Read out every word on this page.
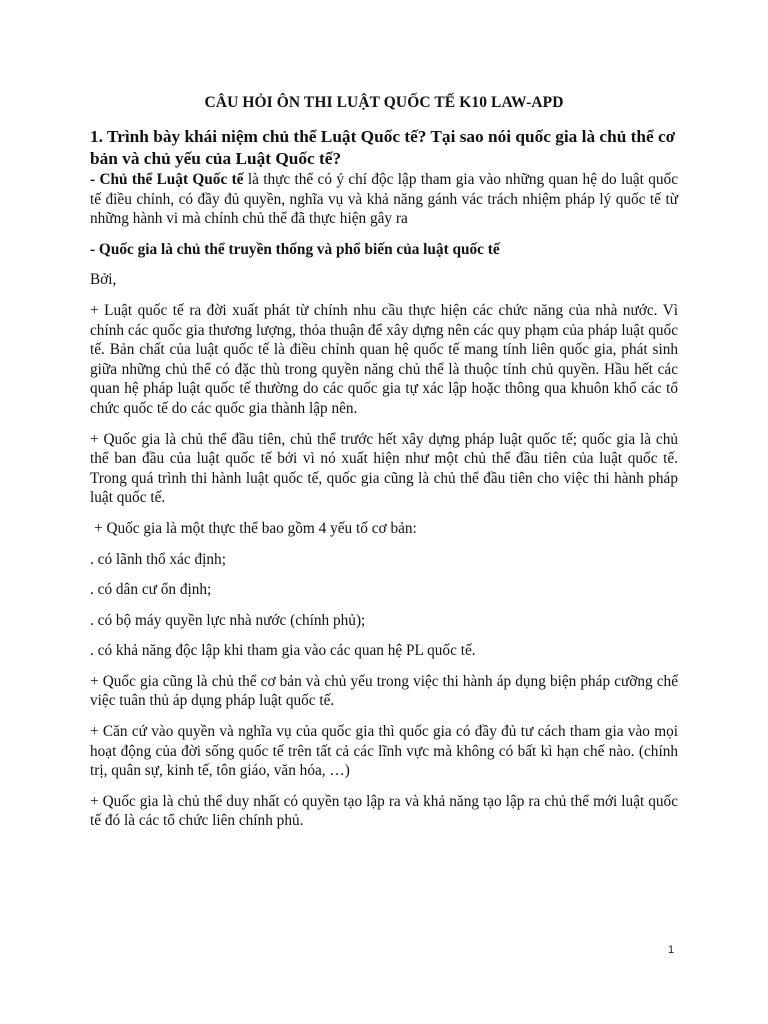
CÂU HỎI ÔN THI LUẬT QUỐC TẾ K10 LAW-APD
1. Trình bày khái niệm chủ thể Luật Quốc tế? Tại sao nói quốc gia là chủ thể cơ bản và chủ yếu của Luật Quốc tế?

- Chủ thể Luật Quốc tế là thực thể có ý chí độc lập tham gia vào những quan hệ do luật quốc tế điều chỉnh, có đầy đủ quyền, nghĩa vụ và khả năng gánh vác trách nhiệm pháp lý quốc tế từ những hành vi mà chính chủ thể đã thực hiện gây ra

- Quốc gia là chủ thể truyền thống và phổ biến của luật quốc tế

Bởi,

+ Luật quốc tế ra đời xuất phát từ chính nhu cầu thực hiện các chức năng của nhà nước. Vì chính các quốc gia thương lượng, thỏa thuận để xây dựng nên các quy phạm của pháp luật quốc tế. Bản chất của luật quốc tế là điều chỉnh quan hệ quốc tế mang tính liên quốc gia, phát sinh giữa những chủ thể có đặc thù trong quyền năng chủ thể là thuộc tính chủ quyền. Hầu hết các quan hệ pháp luật quốc tế thường do các quốc gia tự xác lập hoặc thông qua khuôn khổ các tổ chức quốc tế do các quốc gia thành lập nên.

+ Quốc gia là chủ thể đầu tiên, chủ thể trước hết xây dựng pháp luật quốc tế; quốc gia là chủ thể ban đầu của luật quốc tế bởi vì nó xuất hiện như một chủ thể đầu tiên của luật quốc tế. Trong quá trình thi hành luật quốc tế, quốc gia cũng là chủ thể đầu tiên cho việc thi hành pháp luật quốc tế.

+ Quốc gia là một thực thể bao gồm 4 yếu tố cơ bản:

. có lãnh thổ xác định;

. có dân cư ổn định;

. có bộ máy quyền lực nhà nước (chính phủ);

. có khả năng độc lập khi tham gia vào các quan hệ PL quốc tế.

+ Quốc gia cũng là chủ thể cơ bản và chủ yếu trong việc thi hành áp dụng biện pháp cưỡng chế việc tuân thủ áp dụng pháp luật quốc tế.

+ Căn cứ vào quyền và nghĩa vụ của quốc gia thì quốc gia có đầy đủ tư cách tham gia vào mọi hoạt động của đời sống quốc tế trên tất cả các lĩnh vực mà không có bất kì hạn chế nào. (chính trị, quân sự, kinh tế, tôn giáo, văn hóa, …)

+ Quốc gia là chủ thể duy nhất có quyền tạo lập ra và khả năng tạo lập ra chủ thể mới luật quốc tế đó là các tổ chức liên chính phủ.

1
